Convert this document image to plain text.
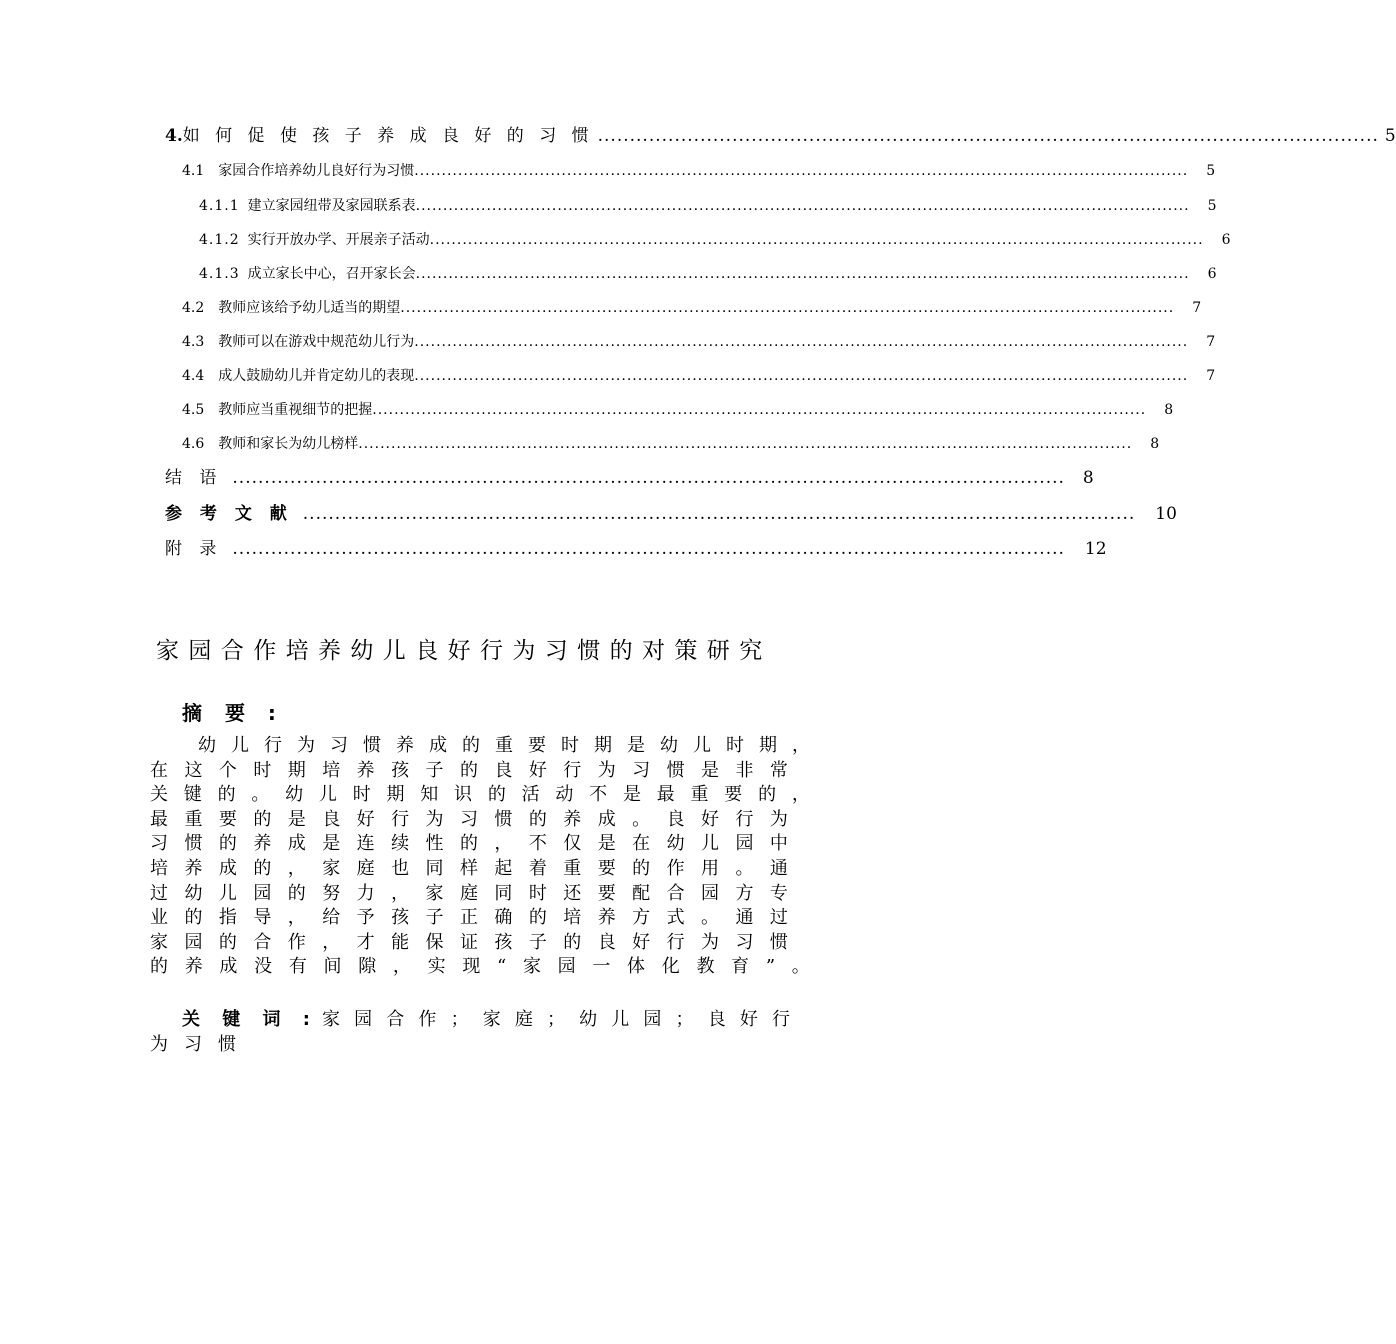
4. 如 何 促 使 孩 子 养 成 良 好 的 习 惯 .......................................................................................................................... 5
4.1 家园合作培养幼儿良好行为习惯 .............................................................................................................................................. 5
4.1.1 建立家园纽带及家园联系表 .............................................................................................................................................. 5
4.1.2 实行开放办学、开展亲子活动 .............................................................................................................................................. 6
4.1.3 成立家长中心，召开家长会 .............................................................................................................................................. 6
4.2 教师应该给予幼儿适当的期望 .............................................................................................................................................. 7
4.3 教师可以在游戏中规范幼儿行为 .............................................................................................................................................. 7
4.4 成人鼓励幼儿并肯定幼儿的表现 .............................................................................................................................................. 7
4.5 教师应当重视细节的把握 .............................................................................................................................................. 8
4.6 教师和家长为幼儿榜样 .............................................................................................................................................. 8
结 语 .................................................................................................................................. 8
参 考 文 献 .................................................................................................................................. 10
附 录 .................................................................................................................................. 12
家园合作培养幼儿良好行为习惯的对策研究
摘 要 :
幼 儿 行 为 习 惯 养 成 的 重 要 时 期 是 幼 儿 时 期 ，
在 这 个 时 期 培 养 孩 子 的 良 好 行 为 习 惯 是 非 常
关 键 的 。 幼 儿 时 期 知 识 的 活 动 不 是 最 重 要 的 ，
最 重 要 的 是 良 好 行 为 习 惯 的 养 成 。 良 好 行 为
习 惯 的 养 成 是 连 续 性 的 ， 不 仅 是 在 幼 儿 园 中
培 养 成 的 ， 家 庭 也 同 样 起 着 重 要 的 作 用 。 通
过 幼 儿 园 的 努 力 ， 家 庭 同 时 还 要 配 合 园 方 专
业 的 指 导 ， 给 予 孩 子 正 确 的 培 养 方 式 。 通 过
家 园 的 合 作 ， 才 能 保 证 孩 子 的 良 好 行 为 习 惯
的 养 成 没 有 间 隙 ， 实 现 “ 家 园 一 体 化 教 育 ” 。
关 键 词 : 家 园 合 作 ； 家 庭 ； 幼 儿 园 ； 良 好 行
为 习 惯
